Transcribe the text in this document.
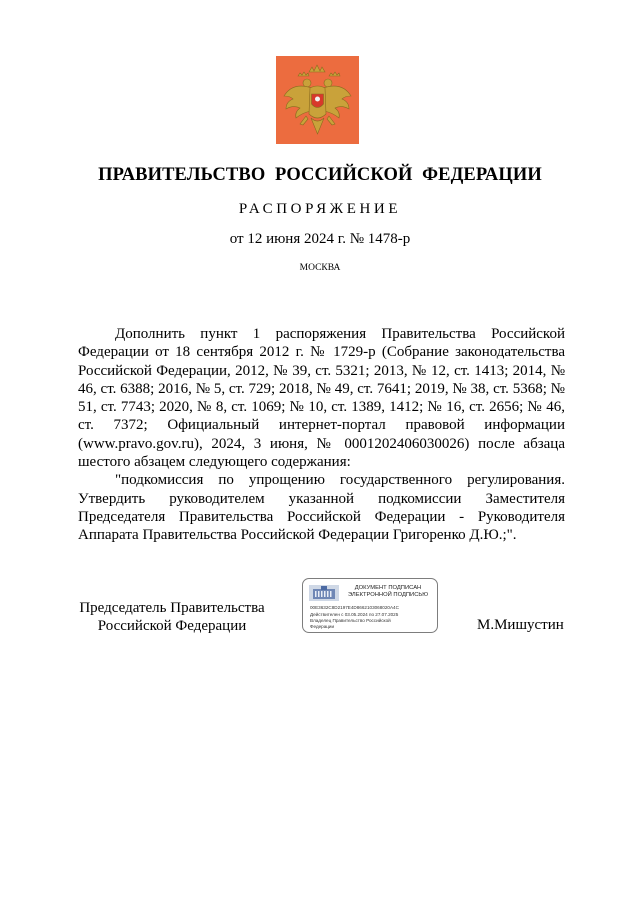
ПРАВИТЕЛЬСТВО РОССИЙСКОЙ ФЕДЕРАЦИИ
РАСПОРЯЖЕНИЕ
от 12 июня 2024 г. № 1478-р
МОСКВА

Дополнить пункт 1 распоряжения Правительства Российской Федерации от 18 сентября 2012 г. № 1729-р (Собрание законодательства Российской Федерации, 2012, № 39, ст. 5321; 2013, № 12, ст. 1413; 2014, № 46, ст. 6388; 2016, № 5, ст. 729; 2018, № 49, ст. 7641; 2019, № 38, ст. 5368; № 51, ст. 7743; 2020, № 8, ст. 1069; № 10, ст. 1389, 1412; № 16, ст. 2656; № 46, ст. 7372; Официальный интернет-портал правовой информации (www.pravo.gov.ru), 2024, 3 июня, № 0001202406030026) после абзаца шестого абзацем следующего содержания:

"подкомиссия по упрощению государственного регулирования. Утвердить руководителем указанной подкомиссии Заместителя Председателя Правительства Российской Федерации - Руководителя Аппарата Правительства Российской Федерации Григоренко Д.Ю.;".

Председатель Правительства
Российской Федерации
ДОКУМЕНТ ПОДПИСАН
ЭЛЕКТРОННОЙ ПОДПИСЬЮ
00E3632C8D2197E4D8662103068020A4C
Действителен с 03.05.2024 по 27.07.2025
Владелец Правительство Российской
Федерации	М.Мишустин
